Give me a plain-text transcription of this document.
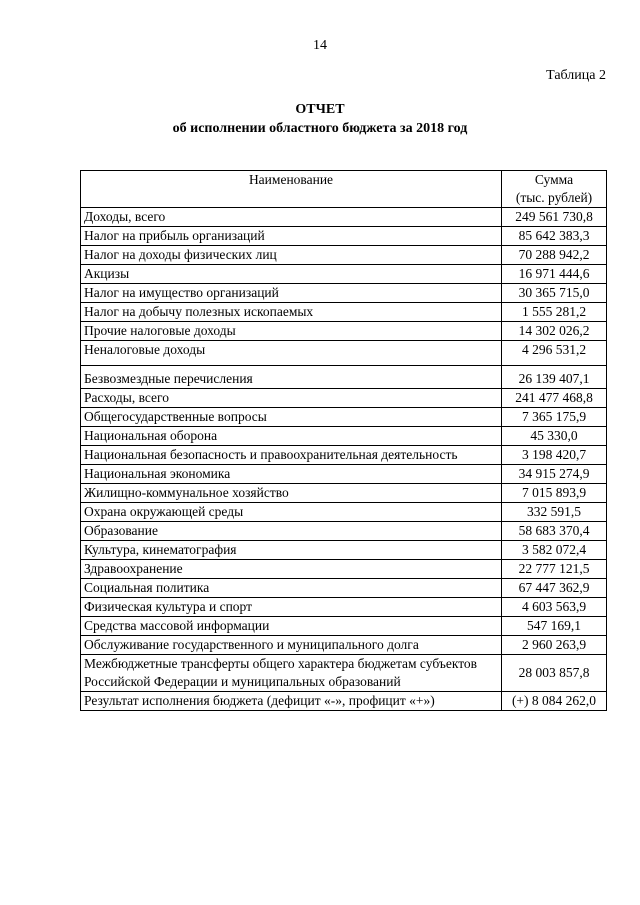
14
Таблица 2
ОТЧЕТ
об исполнении областного бюджета за 2018 год
Наименование	Сумма
(тыс. рублей)

Доходы, всего	249 561 730,8
Налог на прибыль организаций	85 642 383,3
Налог на доходы физических лиц	70 288 942,2
Акцизы	16 971 444,6
Налог на имущество организаций	30 365 715,0
Налог на добычу полезных ископаемых	1 555 281,2
Прочие налоговые доходы	14 302 026,2
Неналоговые доходы	4 296 531,2
Безвозмездные перечисления	26 139 407,1
Расходы, всего	241 477 468,8
Общегосударственные вопросы	7 365 175,9
Национальная оборона	45 330,0
Национальная безопасность и правоохранительная деятельность	3 198 420,7
Национальная экономика	34 915 274,9
Жилищно-коммунальное хозяйство	7 015 893,9
Охрана окружающей среды	332 591,5
Образование	58 683 370,4
Культура, кинематография	3 582 072,4
Здравоохранение	22 777 121,5
Социальная политика	67 447 362,9
Физическая культура и спорт	4 603 563,9
Средства массовой информации	547 169,1
Обслуживание государственного и муниципального долга	2 960 263,9
Межбюджетные трансферты общего характера бюджетам субъектов Российской Федерации и муниципальных образований	28 003 857,8
Результат исполнения бюджета (дефицит «-», профицит «+»)	(+) 8 084 262,0
